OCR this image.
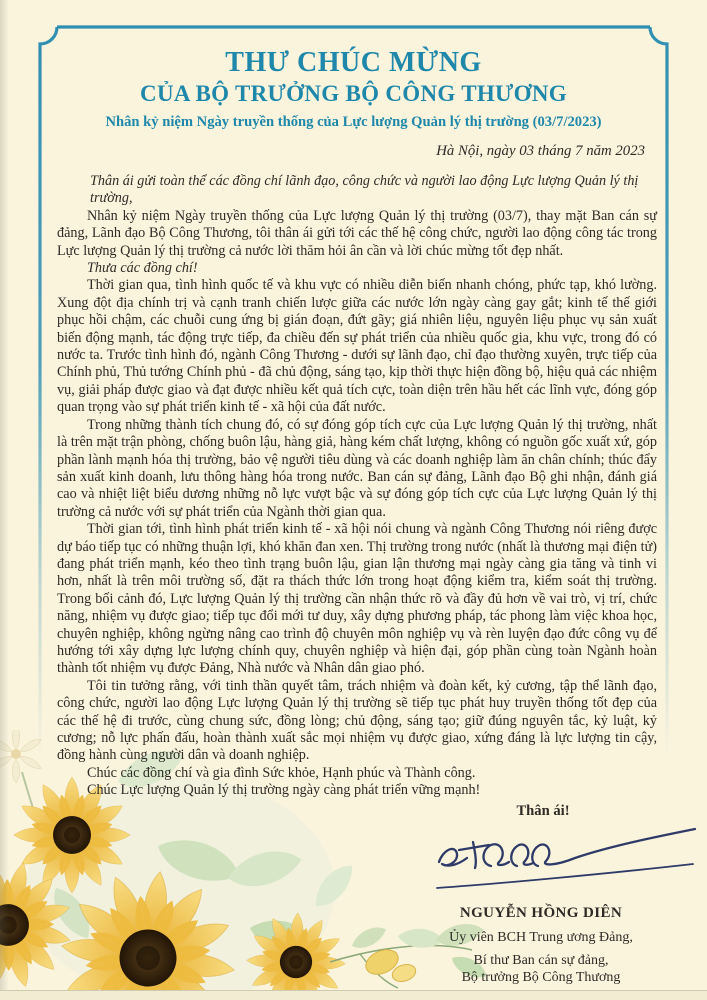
THƯ CHÚC MỪNG
CỦA BỘ TRƯỞNG BỘ CÔNG THƯƠNG
Nhân kỷ niệm Ngày truyền thống của Lực lượng Quản lý thị trường (03/7/2023)
Hà Nội, ngày 03 tháng 7 năm 2023

Thân ái gửi toàn thể các đồng chí lãnh đạo, công chức và người lao động Lực lượng Quản lý thị trường,

Nhân kỷ niệm Ngày truyền thống của Lực lượng Quản lý thị trường (03/7), thay mặt Ban cán sự đảng, Lãnh đạo Bộ Công Thương, tôi thân ái gửi tới các thế hệ công chức, người lao động công tác trong Lực lượng Quản lý thị trường cả nước lời thăm hỏi ân cần và lời chúc mừng tốt đẹp nhất.

Thưa các đồng chí!

Thời gian qua, tình hình quốc tế và khu vực có nhiều diễn biến nhanh chóng, phức tạp, khó lường. Xung đột địa chính trị và cạnh tranh chiến lược giữa các nước lớn ngày càng gay gắt; kinh tế thế giới phục hồi chậm, các chuỗi cung ứng bị gián đoạn, đứt gãy; giá nhiên liệu, nguyên liệu phục vụ sản xuất biến động mạnh, tác động trực tiếp, đa chiều đến sự phát triển của nhiều quốc gia, khu vực, trong đó có nước ta. Trước tình hình đó, ngành Công Thương - dưới sự lãnh đạo, chỉ đạo thường xuyên, trực tiếp của Chính phủ, Thủ tướng Chính phủ - đã chủ động, sáng tạo, kịp thời thực hiện đồng bộ, hiệu quả các nhiệm vụ, giải pháp được giao và đạt được nhiều kết quả tích cực, toàn diện trên hầu hết các lĩnh vực, đóng góp quan trọng vào sự phát triển kinh tế - xã hội của đất nước.

Trong những thành tích chung đó, có sự đóng góp tích cực của Lực lượng Quản lý thị trường, nhất là trên mặt trận phòng, chống buôn lậu, hàng giả, hàng kém chất lượng, không có nguồn gốc xuất xứ, góp phần lành mạnh hóa thị trường, bảo vệ người tiêu dùng và các doanh nghiệp làm ăn chân chính; thúc đẩy sản xuất kinh doanh, lưu thông hàng hóa trong nước. Ban cán sự đảng, Lãnh đạo Bộ ghi nhận, đánh giá cao và nhiệt liệt biểu dương những nỗ lực vượt bậc và sự đóng góp tích cực của Lực lượng Quản lý thị trường cả nước với sự phát triển của Ngành thời gian qua.

Thời gian tới, tình hình phát triển kinh tế - xã hội nói chung và ngành Công Thương nói riêng được dự báo tiếp tục có những thuận lợi, khó khăn đan xen. Thị trường trong nước (nhất là thương mại điện tử) đang phát triển mạnh, kéo theo tình trạng buôn lậu, gian lận thương mại ngày càng gia tăng và tinh vi hơn, nhất là trên môi trường số, đặt ra thách thức lớn trong hoạt động kiểm tra, kiểm soát thị trường. Trong bối cảnh đó, Lực lượng Quản lý thị trường cần nhận thức rõ và đầy đủ hơn về vai trò, vị trí, chức năng, nhiệm vụ được giao; tiếp tục đổi mới tư duy, xây dựng phương pháp, tác phong làm việc khoa học, chuyên nghiệp, không ngừng nâng cao trình độ chuyên môn nghiệp vụ và rèn luyện đạo đức công vụ để hướng tới xây dựng lực lượng chính quy, chuyên nghiệp và hiện đại, góp phần cùng toàn Ngành hoàn thành tốt nhiệm vụ được Đảng, Nhà nước và Nhân dân giao phó.

Tôi tin tưởng rằng, với tinh thần quyết tâm, trách nhiệm và đoàn kết, kỷ cương, tập thể lãnh đạo, công chức, người lao động Lực lượng Quản lý thị trường sẽ tiếp tục phát huy truyền thống tốt đẹp của các thế hệ đi trước, cùng chung sức, đồng lòng; chủ động, sáng tạo; giữ đúng nguyên tắc, kỷ luật, kỷ cương; nỗ lực phấn đấu, hoàn thành xuất sắc mọi nhiệm vụ được giao, xứng đáng là lực lượng tin cậy, đồng hành cùng người dân và doanh nghiệp.

Chúc các đồng chí và gia đình Sức khỏe, Hạnh phúc và Thành công.

Chúc Lực lượng Quản lý thị trường ngày càng phát triển vững mạnh!

Thân ái!
NGUYỄN HỒNG DIÊN
Ủy viên BCH Trung ương Đảng,
Bí thư Ban cán sự đảng,
Bộ trưởng Bộ Công Thương
